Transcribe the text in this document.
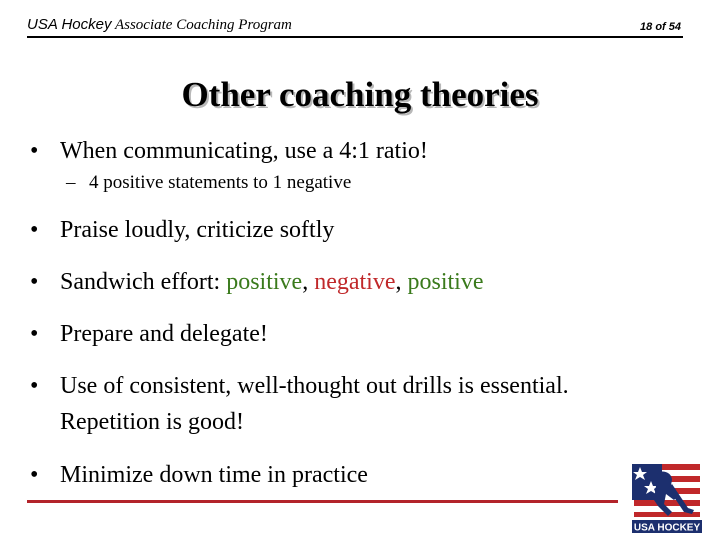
USA Hockey Associate Coaching Program	18 of 54
Other coaching theories
• When communicating, use a 4:1 ratio!
– 4 positive statements to 1 negative
• Praise loudly, criticize softly
• Sandwich effort: positive, negative, positive
• Prepare and delegate!
• Use of consistent, well-thought out drills is essential.
Repetition is good!
• Minimize down time in practice
USA HOCKEY
